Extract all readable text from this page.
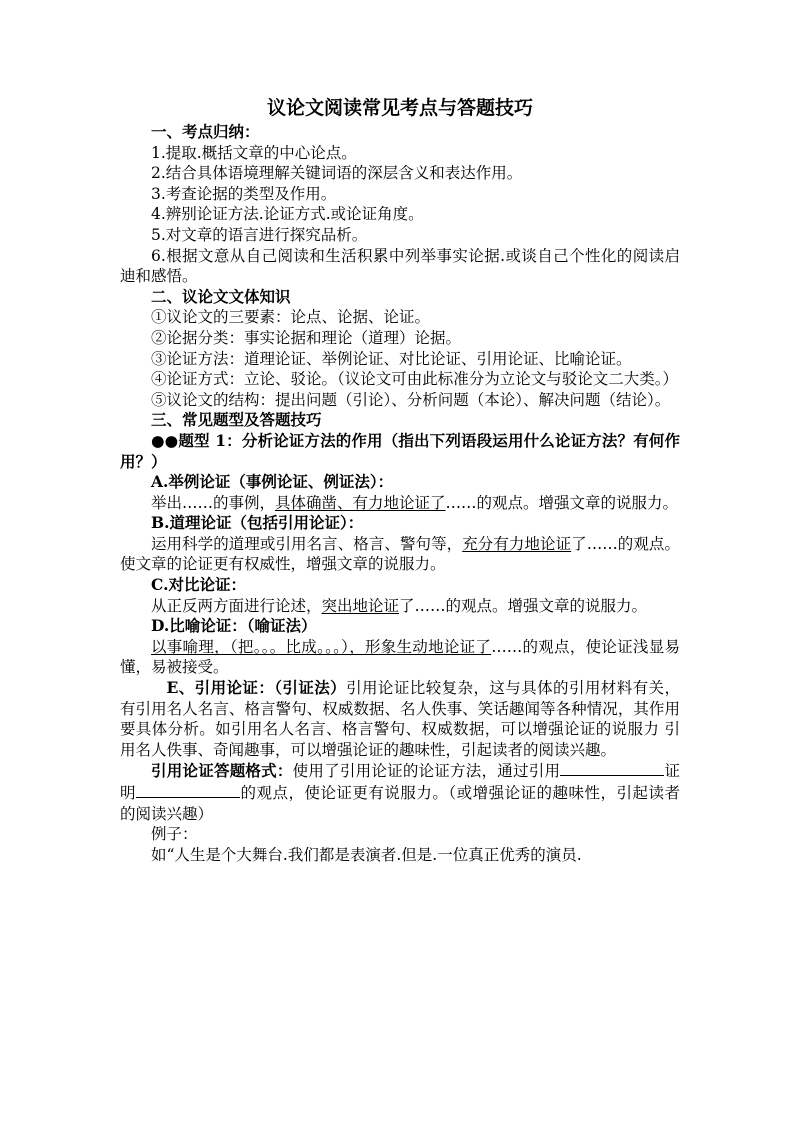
议论文阅读常见考点与答题技巧

一、考点归纳：

1.提取.概括文章的中心论点。

2.结合具体语境理解关键词语的深层含义和表达作用。

3.考查论据的类型及作用。

4.辨别论证方法.论证方式.或论证角度。

5.对文章的语言进行探究品析。

6.根据文意从自己阅读和生活积累中列举事实论据.或谈自己个性化的阅读启迪和感悟。

二、议论文文体知识

①议论文的三要素：论点、论据、论证。

②论据分类：事实论据和理论（道理）论据。

③论证方法：道理论证、举例论证、对比论证、引用论证、比喻论证。

④论证方式：立论、驳论。（议论文可由此标准分为立论文与驳论文二大类。）

⑤议论文的结构：提出问题（引论）、分析问题（本论）、解决问题（结论）。

三、常见题型及答题技巧

●●题型 1：分析论证方法的作用（指出下列语段运用什么论证方法？有何作用？）

A.举例论证（事例论证、例证法）：

举出……的事例，具体确凿、有力地论证了……的观点。增强文章的说服力。

B.道理论证（包括引用论证）：

运用科学的道理或引用名言、格言、警句等，充分有力地论证了……的观点。使文章的论证更有权威性，增强文章的说服力。

C.对比论证：

从正反两方面进行论述，突出地论证了……的观点。增强文章的说服力。

D.比喻论证：（喻证法）

以事喻理，（把。。。比成。。。），形象生动地论证了……的观点，使论证浅显易懂，易被接受。

E、引用论证：（引证法）引用论证比较复杂，这与具体的引用材料有关，有引用名人名言、格言警句、权威数据、名人佚事、笑话趣闻等各种情况，其作用要具体分析。如引用名人名言、格言警句、权威数据，可以增强论证的说服力 引用名人佚事、奇闻趣事，可以增强论证的趣味性，引起读者的阅读兴趣。

引用论证答题格式：使用了引用论证的论证方法，通过引用	证明	的观点，使论证更有说服力。（或增强论证的趣味性，引起读者的阅读兴趣）

例子：

如“人生是个大舞台.我们都是表演者.但是.一位真正优秀的演员.
